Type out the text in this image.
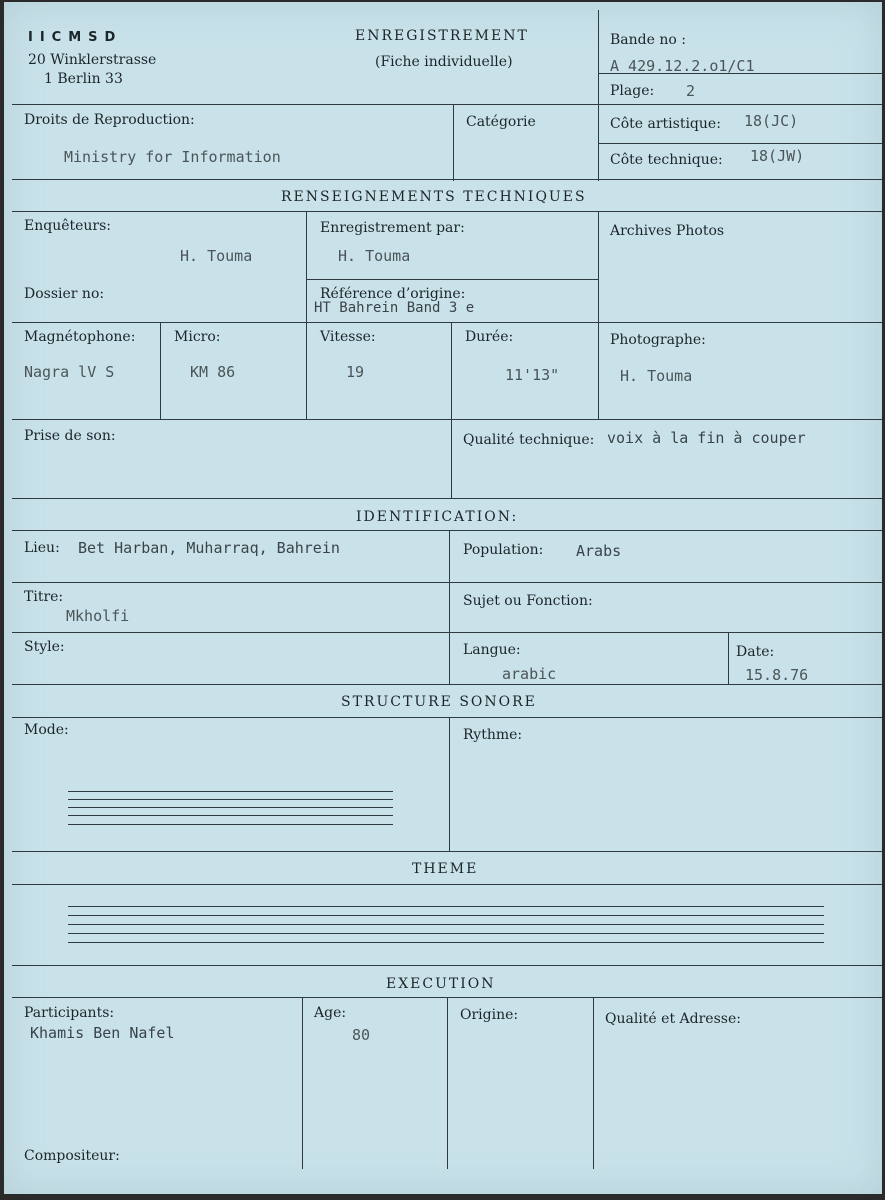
IICMSD
20 Winklerstrasse
1 Berlin 33
ENREGISTREMENT
(Fiche individuelle)
Bande no :
A 429.12.2.o1/C1
Plage: 2
Droits de Reproduction:
Ministry for Information
Catégorie	Côte artistique: 18(JC)
Côte technique: 18(JW)
RENSEIGNEMENTS TECHNIQUES
Enquêteurs:
H. Touma
Enregistrement par:
H. Touma
Archives Photos
Dossier no:	Référence d’origine:
HT Bahrein Band 3 e
Magnétophone:
Nagra lV S
Micro:
KM 86
Vitesse:
19
Durée:
11'13"
Photographe:
H. Touma
Prise de son:	Qualité technique: voix à la fin à couper
IDENTIFICATION:
Lieu: Bet Harban, Muharraq, Bahrein	Population: Arabs
Titre:
Mkholfi
Sujet ou Fonction:
Style:	Langue:
arabic
Date:
15.8.76
STRUCTURE SONORE
Mode:	Rythme:
THEME
EXECUTION
Participants:
Khamis Ben Nafel
Age:
80
Origine:	Qualité et Adresse:
Compositeur:
